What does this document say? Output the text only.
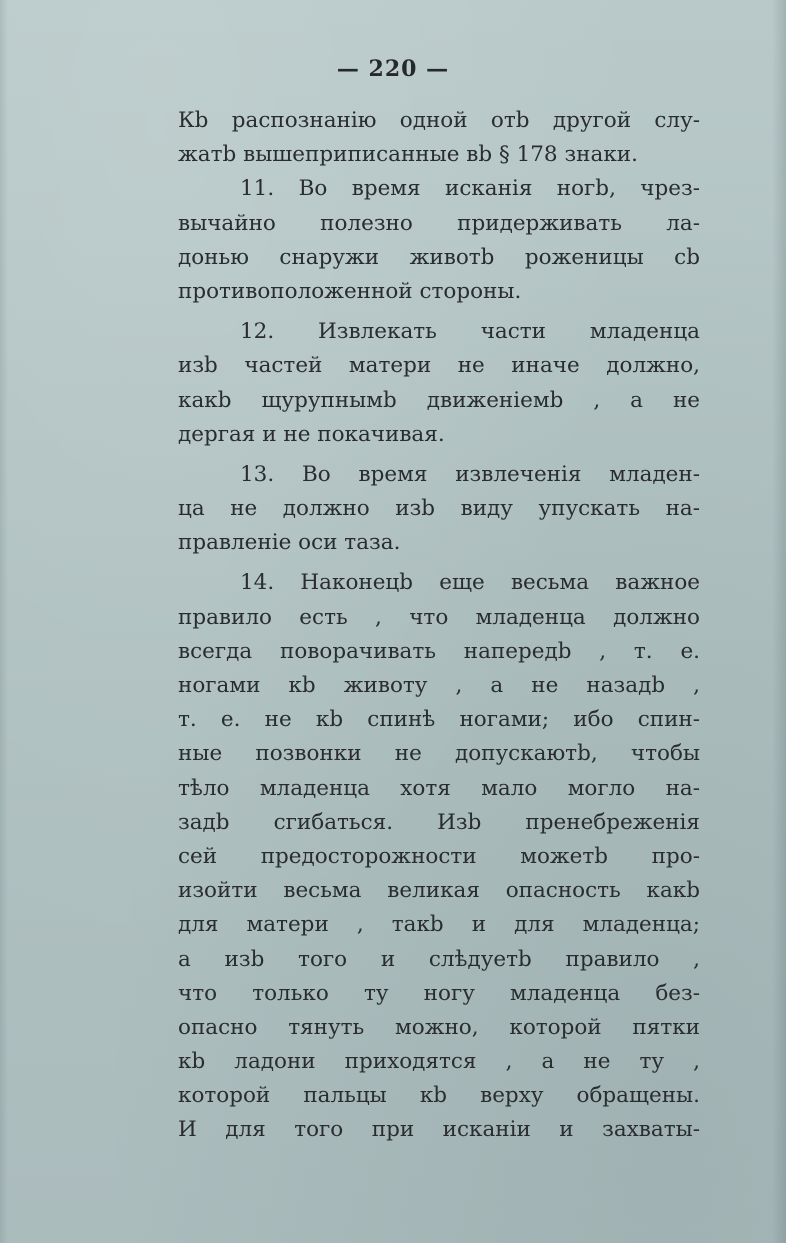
— 220 —
Кb распознанiю одной отb другой слу-
жатb вышеприписанные вb § 178 знаки.
11. Во время исканiя ногb, чрез-
вычайно полезно придерживать ла-
донью снаружи животb роженицы сb
противоположенной стороны.
12. Извлекать части младенца
изb частей матери не иначе должно,
какb щурупнымb движенiемb , а не
дергая и не покачивая.
13. Во время извлеченiя младен-
ца не должно изb виду упускать на-
правленiе оси таза.
14. Наконецb еще весьма важное
правило есть , что младенца должно
всегда поворачивать напередb , т. е.
ногами кb животу , а не назадb ,
т. е. не кb спинѣ ногами; ибо спин-
ные позвонки не допускаютb, чтобы
тѣло младенца хотя мало могло на-
задb сгибаться. Изb пренебреженiя
сей предосторожности можетb про-
изойти весьма великая опасность какb
для матери , такb и для младенца;
а изb того и слѣдуетb правило ,
что только ту ногу младенца без-
опасно тянуть можно, которой пятки
кb ладони приходятся , а не ту ,
которой пальцы кb верху обращены.
И для того при исканiи и захваты-
